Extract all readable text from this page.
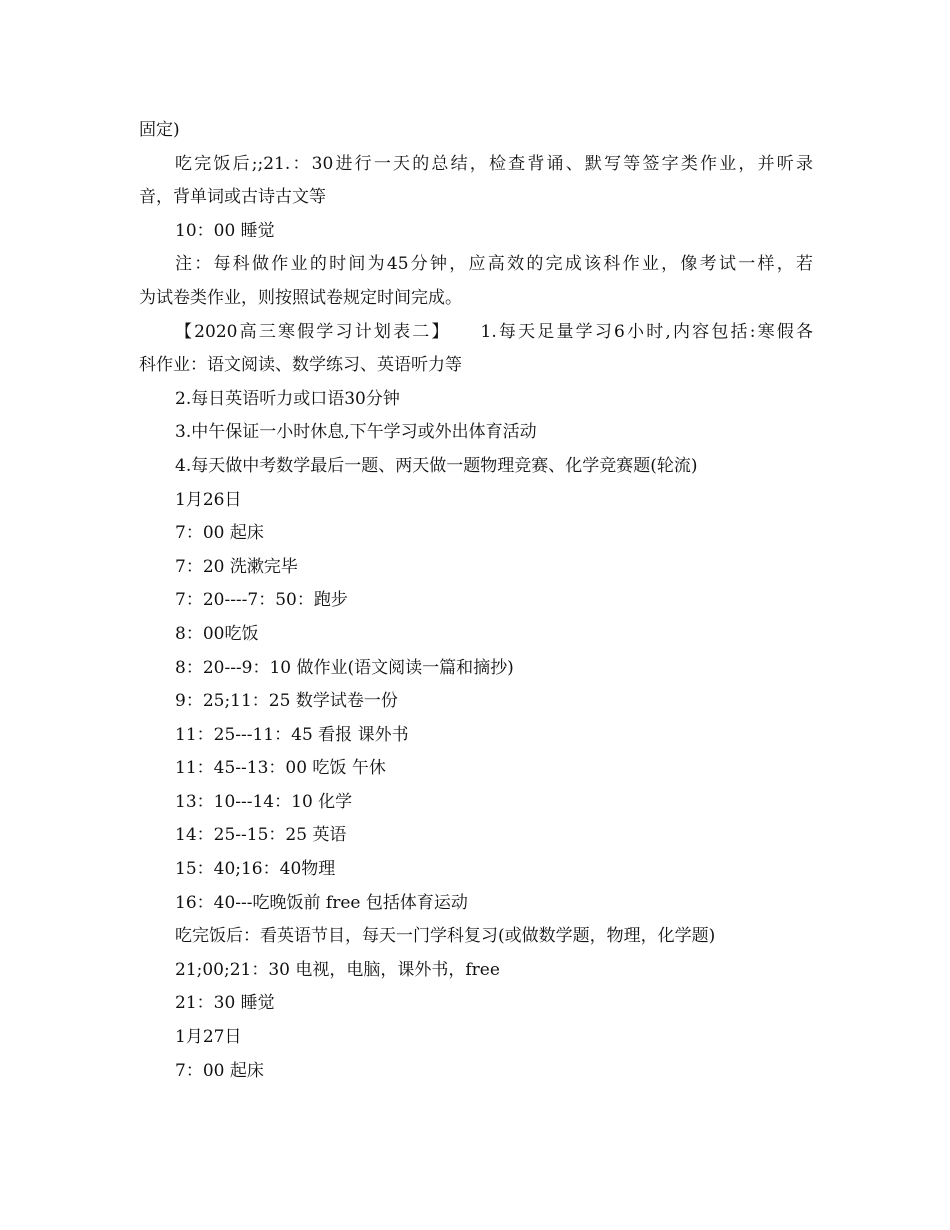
固定)
吃完饭后;;21.：30进行一天的总结，检查背诵、默写等签字类作业，并听录
音，背单词或古诗古文等
10：00 睡觉
注：每科做作业的时间为45分钟，应高效的完成该科作业，像考试一样，若
为试卷类作业，则按照试卷规定时间完成。
【2020高三寒假学习计划表二】　　1.每天足量学习6小时,内容包括:寒假各
科作业：语文阅读、数学练习、英语听力等
2.每日英语听力或口语30分钟
3.中午保证一小时休息,下午学习或外出体育活动
4.每天做中考数学最后一题、两天做一题物理竞赛、化学竞赛题(轮流)
1月26日
7：00 起床
7：20 洗漱完毕
7：20----7：50：跑步
8：00吃饭
8：20---9：10 做作业(语文阅读一篇和摘抄)
9：25;11：25 数学试卷一份
11：25---11：45 看报 课外书
11：45--13：00 吃饭 午休
13：10---14：10 化学
14：25--15：25 英语
15：40;16：40物理
16：40---吃晚饭前 free 包括体育运动
吃完饭后：看英语节目，每天一门学科复习(或做数学题，物理，化学题)
21;00;21：30 电视，电脑，课外书，free
21：30 睡觉
1月27日
7：00 起床
